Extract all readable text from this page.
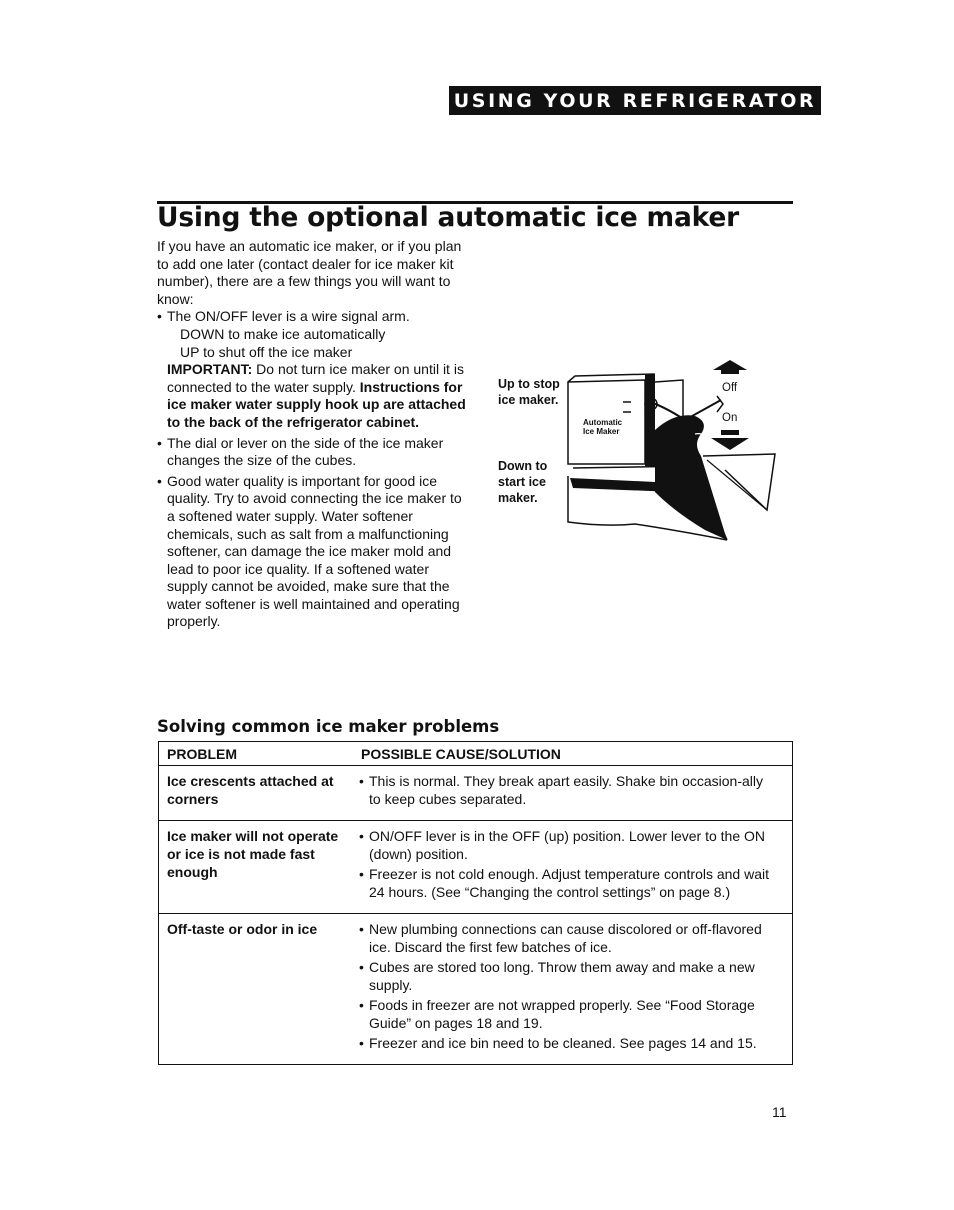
USING YOUR REFRIGERATOR
Using the optional automatic ice maker

If you have an automatic ice maker, or if you plan to add one later (contact dealer for ice maker kit number), there are a few things you will want to know:

• The ON/OFF lever is a wire signal arm.

DOWN to make ice automatically

UP to shut off the ice maker

IMPORTANT: Do not turn ice maker on until it is connected to the water supply. Instructions for ice maker water supply hook up are attached to the back of the refrigerator cabinet.

• The dial or lever on the side of the ice maker changes the size of the cubes.

• Good water quality is important for good ice quality. Try to avoid connecting the ice maker to a softened water supply. Water softener chemicals, such as salt from a malfunctioning softener, can damage the ice maker mold and lead to poor ice quality. If a softened water supply cannot be avoided, make sure that the water softener is well maintained and operating properly.

Up to stop ice maker.
Down to start ice maker.
Off
On
Automatic
Ice Maker
Solving common ice maker problems
PROBLEM	POSSIBLE CAUSE/SOLUTION
Ice crescents attached at corners	• This is normal. They break apart easily. Shake bin occasion-ally to keep cubes separated.

Ice maker will not operate or ice is not made fast enough	• ON/OFF lever is in the OFF (up) position. Lower lever to the ON (down) position.
• Freezer is not cold enough. Adjust temperature controls and wait 24 hours. (See “Changing the control settings” on page 8.)

Off-taste or odor in ice	• New plumbing connections can cause discolored or off-flavored ice. Discard the first few batches of ice.
• Cubes are stored too long. Throw them away and make a new supply.
• Foods in freezer are not wrapped properly. See “Food Storage Guide” on pages 18 and 19.
• Freezer and ice bin need to be cleaned. See pages 14 and 15.
11
